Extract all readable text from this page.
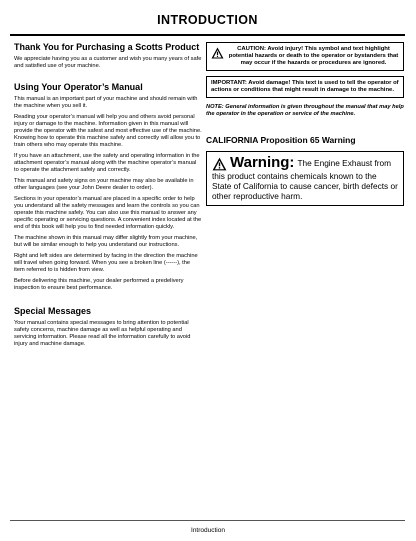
INTRODUCTION
Thank You for Purchasing a Scotts Product

We appreciate having you as a customer and wish you many years of safe and satisfied use of your machine.

Using Your Operator’s Manual

This manual is an important part of your machine and should remain with the machine when you sell it.

Reading your operator’s manual will help you and others avoid personal injury or damage to the machine. Information given in this manual will provide the operator with the safest and most effective use of the machine. Knowing how to operate this machine safely and correctly will allow you to train others who may operate this machine.

If you have an attachment, use the safety and operating information in the attachment operator’s manual along with the machine operator’s manual to operate the attachment safely and correctly.

This manual and safety signs on your machine may also be available in other languages (see your John Deere dealer to order).

Sections in your operator’s manual are placed in a specific order to help you understand all the safety messages and learn the controls so you can operate this machine safely. You can also use this manual to answer any specific operating or servicing questions. A convenient index located at the end of this book will help you to find needed information quickly.

The machine shown in this manual may differ slightly from your machine, but will be similar enough to help you understand our instructions.

Right and left sides are determined by facing in the direction the machine will travel when going forward. When you see a broken line (------), the item referred to is hidden from view.

Before delivering this machine, your dealer performed a predelivery inspection to ensure best performance.

Special Messages

Your manual contains special messages to bring attention to potential safety concerns, machine damage as well as helpful operating and servicing information. Please read all the information carefully to avoid injury and machine damage.

CAUTION: Avoid injury! This symbol and text highlight potential hazards or death to the operator or bystanders that may occur if the hazards or procedures are ignored.
IMPORTANT: Avoid damage! This text is used to tell the operator of actions or conditions that might result in damage to the machine.

NOTE: General information is given throughout the manual that may help the operator in the operation or service of the machine.

CALIFORNIA Proposition 65 Warning
Warning: The Engine Exhaust from
this product contains chemicals known to the State of California to cause cancer, birth defects or other reproductive harm.
Introduction
